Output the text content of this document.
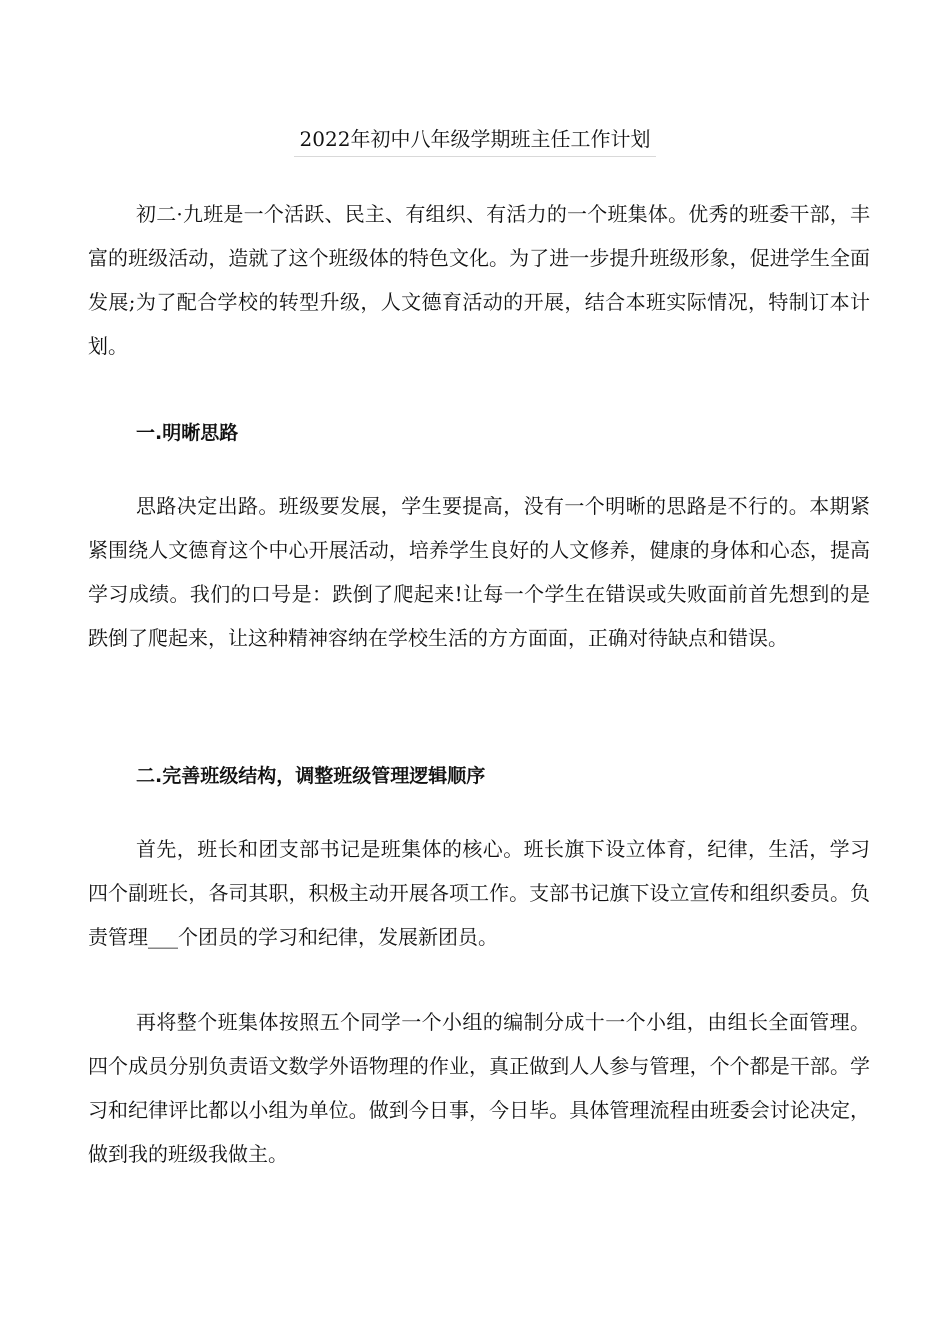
2022年初中八年级学期班主任工作计划

初二·九班是一个活跃、民主、有组织、有活力的一个班集体。优秀的班委干部，丰富的班级活动，造就了这个班级体的特色文化。为了进一步提升班级形象，促进学生全面发展;为了配合学校的转型升级，人文德育活动的开展，结合本班实际情况，特制订本计划。

一.明晰思路

思路决定出路。班级要发展，学生要提高，没有一个明晰的思路是不行的。本期紧紧围绕人文德育这个中心开展活动，培养学生良好的人文修养，健康的身体和心态，提高学习成绩。我们的口号是：跌倒了爬起来!让每一个学生在错误或失败面前首先想到的是跌倒了爬起来，让这种精神容纳在学校生活的方方面面，正确对待缺点和错误。

二.完善班级结构，调整班级管理逻辑顺序

首先，班长和团支部书记是班集体的核心。班长旗下设立体育，纪律，生活，学习四个副班长，各司其职，积极主动开展各项工作。支部书记旗下设立宣传和组织委员。负责管理___个团员的学习和纪律，发展新团员。

再将整个班集体按照五个同学一个小组的编制分成十一个小组，由组长全面管理。四个成员分别负责语文数学外语物理的作业，真正做到人人参与管理，个个都是干部。学习和纪律评比都以小组为单位。做到今日事，今日毕。具体管理流程由班委会讨论决定，做到我的班级我做主。
